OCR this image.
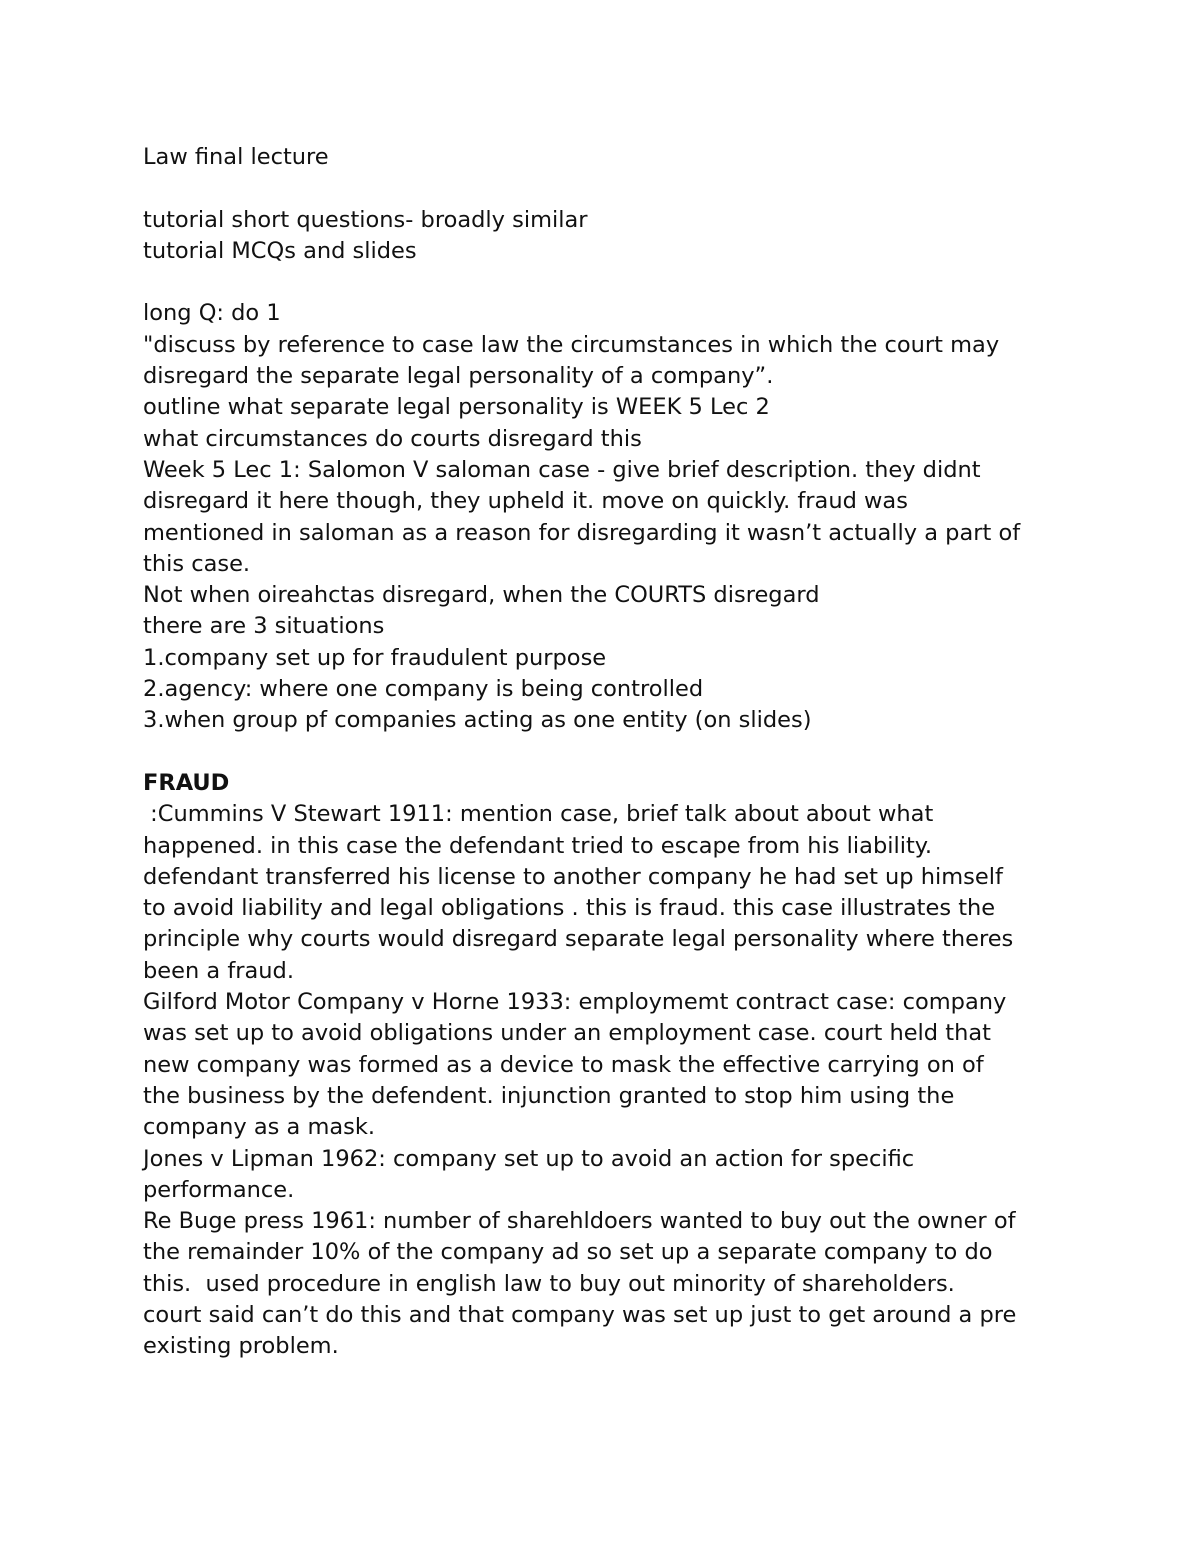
Law final lecture

tutorial short questions- broadly similar

tutorial MCQs and slides

long Q: do 1

"discuss by reference to case law the circumstances in which the court may

disregard the separate legal personality of a company”.

outline what separate legal personality is WEEK 5 Lec 2

what circumstances do courts disregard this

Week 5 Lec 1: Salomon V saloman case - give brief description. they didnt

disregard it here though, they upheld it. move on quickly. fraud was

mentioned in saloman as a reason for disregarding it wasn’t actually a part of

this case.

Not when oireahctas disregard, when the COURTS disregard

there are 3 situations

1.company set up for fraudulent purpose

2.agency: where one company is being controlled

3.when group pf companies acting as one entity (on slides)

FRAUD

:Cummins V Stewart 1911: mention case, brief talk about about what

happened. in this case the defendant tried to escape from his liability.

defendant transferred his license to another company he had set up himself

to avoid liability and legal obligations . this is fraud. this case illustrates the

principle why courts would disregard separate legal personality where theres

been a fraud.

Gilford Motor Company v Horne 1933: employmemt contract case: company

was set up to avoid obligations under an employment case. court held that

new company was formed as a device to mask the effective carrying on of

the business by the defendent. injunction granted to stop him using the

company as a mask.

Jones v Lipman 1962: company set up to avoid an action for specific

performance.

Re Buge press 1961: number of sharehldoers wanted to buy out the owner of

the remainder 10% of the company ad so set up a separate company to do

this.  used procedure in english law to buy out minority of shareholders.

court said can’t do this and that company was set up just to get around a pre

existing problem.
